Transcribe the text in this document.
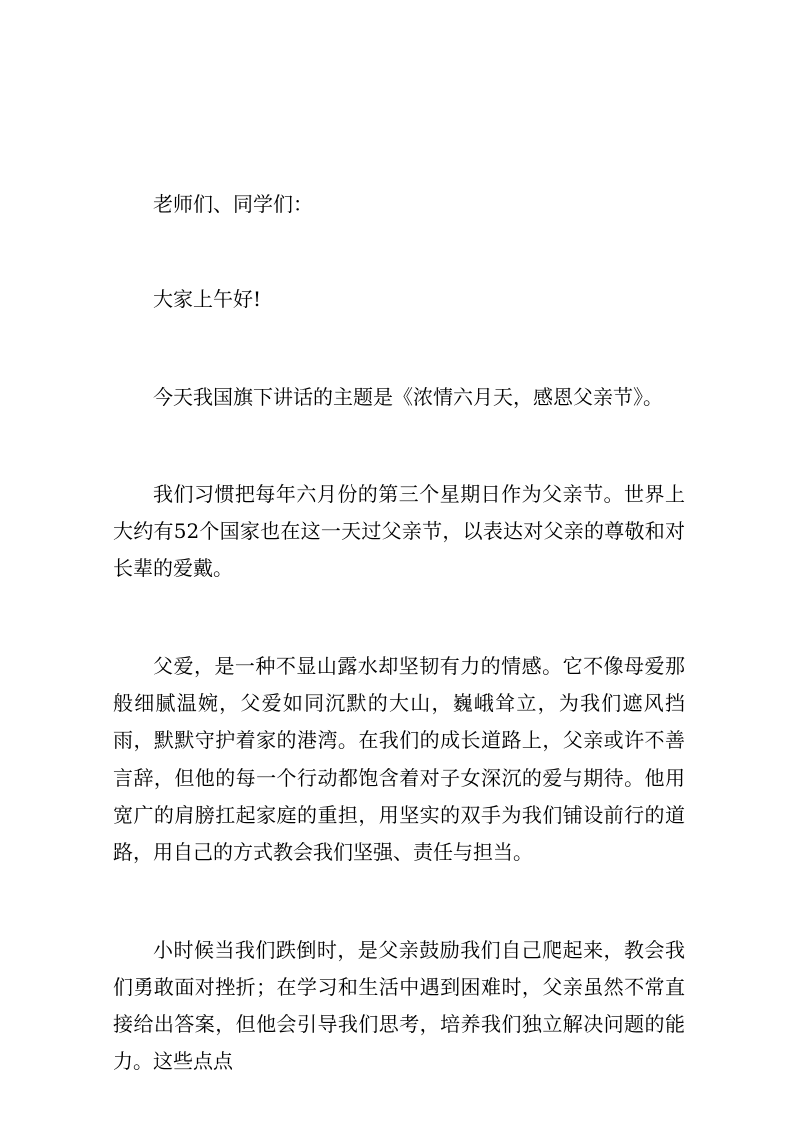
老师们、同学们：

大家上午好!

今天我国旗下讲话的主题是《浓情六月天，感恩父亲节》。

我们习惯把每年六月份的第三个星期日作为父亲节。世界上大约有52个国家也在这一天过父亲节，以表达对父亲的尊敬和对长辈的爱戴。

父爱，是一种不显山露水却坚韧有力的情感。它不像母爱那般细腻温婉，父爱如同沉默的大山，巍峨耸立，为我们遮风挡雨，默默守护着家的港湾。在我们的成长道路上，父亲或许不善言辞，但他的每一个行动都饱含着对子女深沉的爱与期待。他用宽广的肩膀扛起家庭的重担，用坚实的双手为我们铺设前行的道路，用自己的方式教会我们坚强、责任与担当。

小时候当我们跌倒时，是父亲鼓励我们自己爬起来，教会我们勇敢面对挫折；在学习和生活中遇到困难时，父亲虽然不常直接给出答案，但他会引导我们思考，培养我们独立解决问题的能力。这些点点
